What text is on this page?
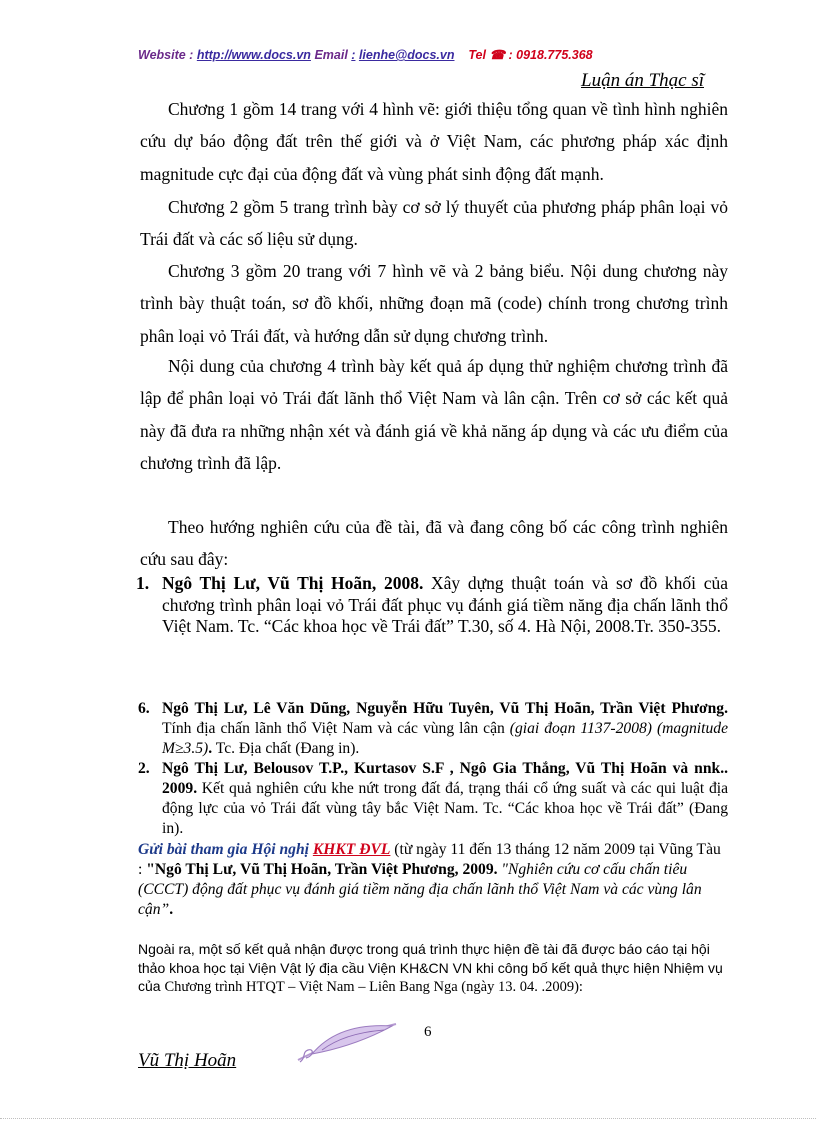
Website : http://www.docs.vn Email : lienhe@docs.vn Tel ☎ : 0918.775.368
Luận án Thạc sĩ
Chương 1 gồm 14 trang với 4 hình vẽ: giới thiệu tổng quan về tình hình nghiên cứu dự báo động đất trên thế giới và ở Việt Nam, các phương pháp xác định magnitude cực đại của động đất và vùng phát sinh động đất mạnh.
Chương 2 gồm 5 trang trình bày cơ sở lý thuyết của phương pháp phân loại vỏ Trái đất và các số liệu sử dụng.
Chương 3 gồm 20 trang với 7 hình vẽ và 2 bảng biểu. Nội dung chương này trình bày thuật toán, sơ đồ khối, những đoạn mã (code) chính trong chương trình phân loại vỏ Trái đất, và hướng dẫn sử dụng chương trình.
Nội dung của chương 4 trình bày kết quả áp dụng thử nghiệm chương trình đã lập để phân loại vỏ Trái đất lãnh thổ Việt Nam và lân cận. Trên cơ sở các kết quả này đã đưa ra những nhận xét và đánh giá về khả năng áp dụng và các ưu điểm của chương trình đã lập.
Theo hướng nghiên cứu của đề tài, đã và đang công bố các công trình nghiên cứu sau đây:
1. Ngô Thị Lư, Vũ Thị Hoãn, 2008. Xây dựng thuật toán và sơ đồ khối của chương trình phân loại vỏ Trái đất phục vụ đánh giá tiềm năng địa chấn lãnh thổ Việt Nam. Tc. “Các khoa học về Trái đất” T.30, số 4. Hà Nội, 2008.Tr. 350-355.
6. Ngô Thị Lư, Lê Văn Dũng, Nguyễn Hữu Tuyên, Vũ Thị Hoãn, Trần Việt Phương. Tính địa chấn lãnh thổ Việt Nam và các vùng lân cận (giai đoạn 1137-2008) (magnitude M≥3.5). Tc. Địa chất (Đang in).
2. Ngô Thị Lư, Belousov T.P., Kurtasov S.F , Ngô Gia Thắng, Vũ Thị Hoãn và nnk.. 2009. Kết quả nghiên cứu khe nứt trong đất đá, trạng thái cổ ứng suất và các qui luật địa động lực của vỏ Trái đất vùng tây bắc Việt Nam. Tc. “Các khoa học về Trái đất” (Đang in).
Gửi bài tham gia Hội nghị KHKT ĐVL (từ ngày 11 đến 13 tháng 12 năm 2009 tại Vũng Tàu : "Ngô Thị Lư, Vũ Thị Hoãn, Trần Việt Phương, 2009. "Nghiên cứu cơ cấu chấn tiêu (CCCT) động đất phục vụ đánh giá tiềm năng địa chấn lãnh thổ Việt Nam và các vùng lân cận”.
Ngoài ra, một số kết quả nhận được trong quá trình thực hiện đề tài đã được báo cáo tại hội thảo khoa học tại Viện Vật lý địa cầu Viện KH&CN VN khi công bố kết quả thực hiện Nhiệm vụ của Chương trình HTQT – Việt Nam – Liên Bang Nga (ngày 13. 04. .2009):
6
Vũ Thị Hoãn
